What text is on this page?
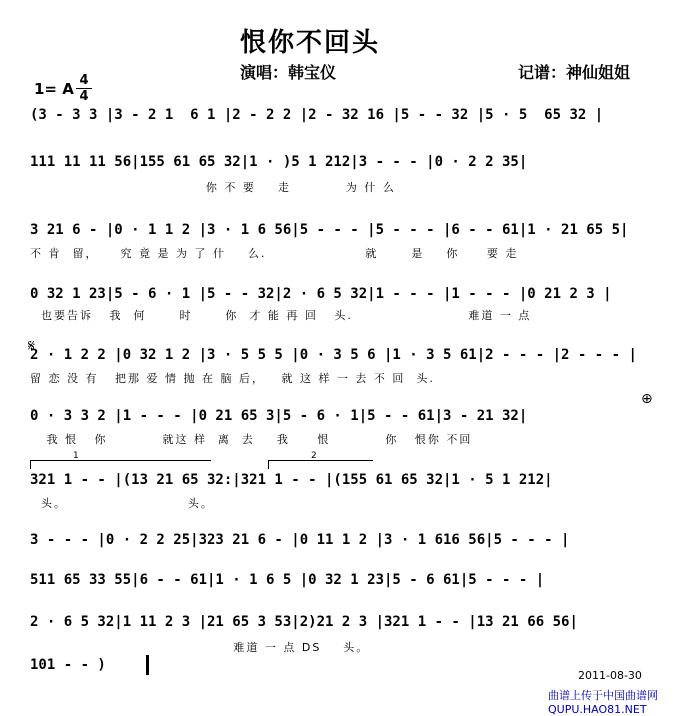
恨你不回头
演唱：韩宝仪	记谱：神仙姐姐
1= A 4
4
(3 - 3 3 |3 - 2 1  6 1 |2 - 2 2 |2 - 32 16 |5 - - 32 |5 · 5  65 32 |
111 11 11 56|155 61 65 32|1 · )5 1 212|3 - - - |0 · 2 2 35|
你 不 要    走          为 什 么
3 21 6 - |0 · 1 1 2 |3 · 1 6 56|5 - - - |5 - - - |6 - - 61|1 · 21 65 5|
不 肯  留，    究 竟 是 为 了 什    么.                  就      是    你     要 走
0 32 1 23|5 - 6 · 1 |5 - - 32|2 · 6 5 32|1 - - - |1 - - - |0 21 2 3 |
也要告诉   我  何      时      你  才 能 再 回   头.                     难道 一 点
𝄋
2 · 1 2 2 |0 32 1 2 |3 · 5 5 5 |0 · 3 5 6 |1 · 3 5 61|2 - - - |2 - - - |
留 恋 没 有   把那 爱 情 抛 在 脑 后，   就 这 样 一 去 不 回  头.
⊕
0 · 3 3 2 |1 - - - |0 21 65 3|5 - 6 · 1|5 - - 61|3 - 21 32|
我 恨   你          就这 样  离  去    我     恨          你   恨你 不回
1	2
321 1 - - |(13 21 65 32:|321 1 - - |(155 61 65 32|1 · 5 1 212|
头。                      头。
3 - - - |0 · 2 2 25|323 21 6 - |0 11 1 2 |3 · 1 616 56|5 - - - |
511 65 33 55|6 - - 61|1 · 1 6 5 |0 32 1 23|5 - 6 61|5 - - - |
2 · 6 5 32|1 11 2 3 |21 65 3 53|2)21 2 3 |321 1 - - |13 21 66 56|
难道 一 点 DS    头。
101 - - )
2011-08-30
曲谱上传于中国曲谱网 QUPU.HAO81.NET
